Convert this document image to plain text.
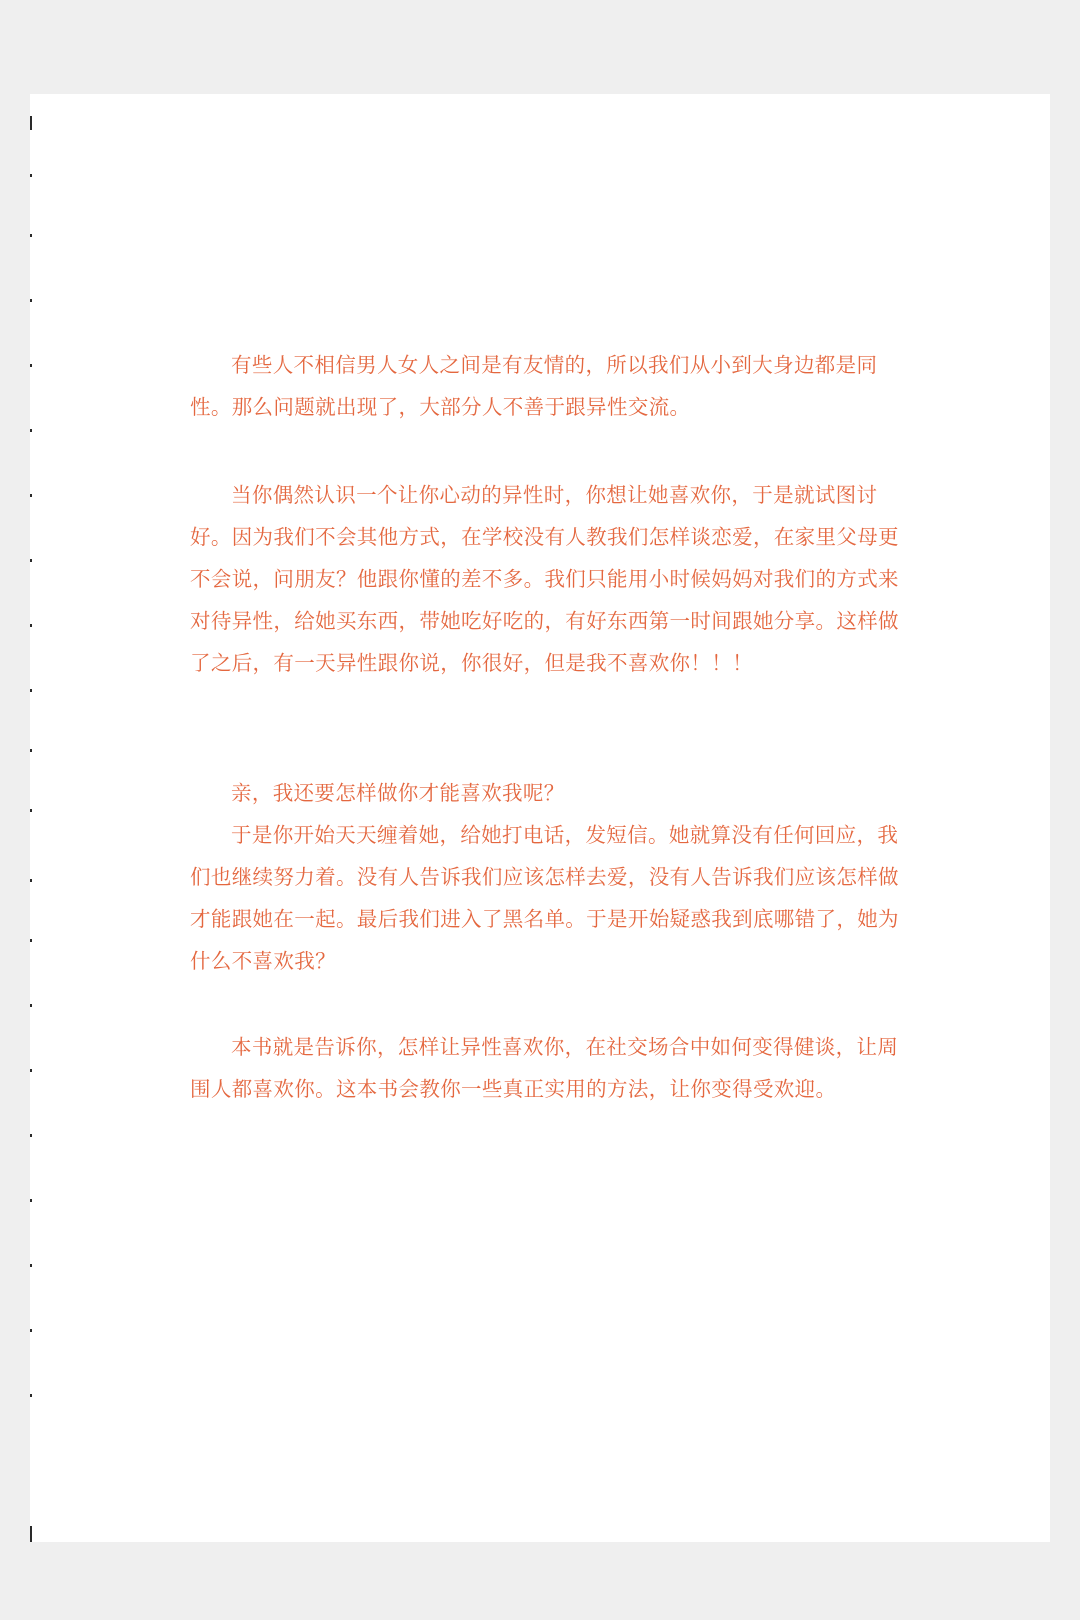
有些人不相信男人女人之间是有友情的，所以我们从小到大身边都是同性。那么问题就出现了，大部分人不善于跟异性交流。

当你偶然认识一个让你心动的异性时，你想让她喜欢你，于是就试图讨好。因为我们不会其他方式，在学校没有人教我们怎样谈恋爱，在家里父母更不会说，问朋友？他跟你懂的差不多。我们只能用小时候妈妈对我们的方式来对待异性，给她买东西，带她吃好吃的，有好东西第一时间跟她分享。这样做了之后，有一天异性跟你说，你很好，但是我不喜欢你！！！

亲，我还要怎样做你才能喜欢我呢？

于是你开始天天缠着她，给她打电话，发短信。她就算没有任何回应，我们也继续努力着。没有人告诉我们应该怎样去爱，没有人告诉我们应该怎样做才能跟她在一起。最后我们进入了黑名单。于是开始疑惑我到底哪错了，她为什么不喜欢我？

本书就是告诉你，怎样让异性喜欢你，在社交场合中如何变得健谈，让周围人都喜欢你。这本书会教你一些真正实用的方法，让你变得受欢迎。
